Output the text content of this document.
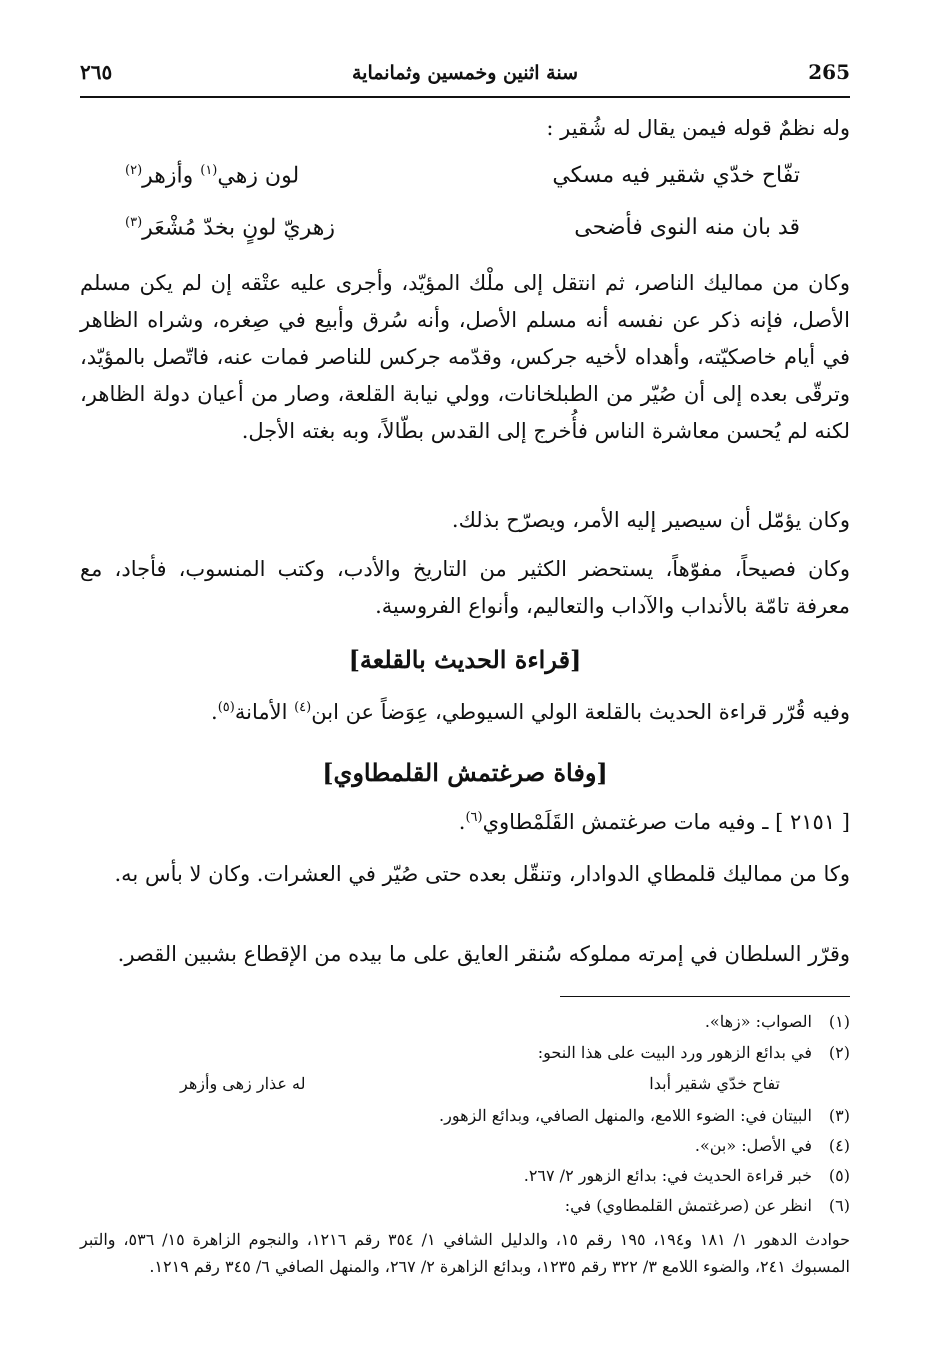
٢٦٥	سنة اثنين وخمسين وثمانماية	265
وله نظمٌ قوله فيمن يقال له شُقير :
تفّاح خدّي شقير فيه مسكي
لون زهي$^{(١)}$ وأزهر$^{(٢)}$
قد بان منه النوى فأضحى
زهريّ لونٍ بخدّ مُشْعَر$^{(٣)}$
وكان من مماليك الناصر، ثم انتقل إلى ملْك المؤيّد، وأجرى عليه عتْقه إن لم يكن مسلم الأصل، فإنه ذكر عن نفسه أنه مسلم الأصل، وأنه سُرق وأبيع في صِغره، وشراه الظاهر في أيام خاصكيّته، وأهداه لأخيه جركس، وقدّمه جركس للناصر فمات عنه، فاتّصل بالمؤيّد، وترقّى بعده إلى أن صُيّر من الطبلخانات، وولي نيابة القلعة، وصار من أعيان دولة الظاهر، لكنه لم يُحسن معاشرة الناس فأُخرج إلى القدس بطّالاً، وبه بغته الأجل.
وكان يؤمّل أن سيصير إليه الأمر، ويصرّح بذلك.
وكان فصيحاً، مفوّهاً، يستحضر الكثير من التاريخ والأدب، وكتب المنسوب، فأجاد، مع معرفة تامّة بالأنداب والآداب والتعاليم، وأنواع الفروسية.
[قراءة الحديث بالقلعة]
وفيه قُرّر قراءة الحديث بالقلعة الولي السيوطي، عِوَضاً عن ابن$^{(٤)}$ الأمانة$^{(٥)}$.
[وفاة صرغتمش القلمطاوي]
[ ٢١٥١ ] ـ وفيه مات صرغتمش القَلَمْطاوي$^{(٦)}$.
وكا من مماليك قلمطاي الدوادار، وتنقّل بعده حتى صُيّر في العشرات. وكان لا بأس به.
وقرّر السلطان في إمرته مملوكه سُنقر العايق على ما بيده من الإقطاع بشبين القصر.
(١)الصواب: «زها».
(٢)في بدائع الزهور ورد البيت على هذا النحو:
تفاح خدّي شقير أبدا
له عذار زهى وأزهر
(٣)البيتان في: الضوء اللامع، والمنهل الصافي، وبدائع الزهور.
(٤)في الأصل: «بن».
(٥)خبر قراءة الحديث في: بدائع الزهور ٢/ ٢٦٧.
(٦)انظر عن (صرغتمش القلمطاوي) في:
حوادث الدهور ١/ ١٨١ و١٩٤، ١٩٥ رقم ١٥، والدليل الشافي ١/ ٣٥٤ رقم ١٢١٦، والنجوم الزاهرة ١٥/ ٥٣٦، والتبر المسبوك ٢٤١، والضوء اللامع ٣/ ٣٢٢ رقم ١٢٣٥، وبدائع الزاهرة ٢/ ٢٦٧، والمنهل الصافي ٦/ ٣٤٥ رقم ١٢١٩.
